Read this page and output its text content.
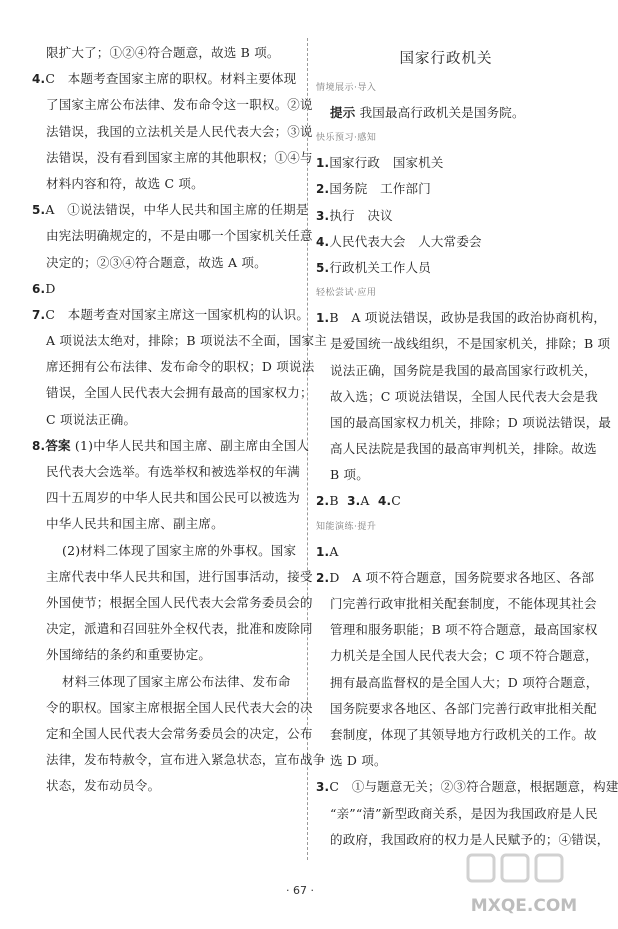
限扩大了；①②④符合题意，故选 B 项。
4.C　本题考查国家主席的职权。材料主要体现
了国家主席公布法律、发布命令这一职权。②说
法错误，我国的立法机关是人民代表大会；③说
法错误，没有看到国家主席的其他职权；①④与
材料内容和符，故选 C 项。
5.A　①说法错误，中华人民共和国主席的任期是
由宪法明确规定的，不是由哪一个国家机关任意
决定的；②③④符合题意，故选 A 项。
6.D
7.C　本题考查对国家主席这一国家机构的认识。
A 项说法太绝对，排除；B 项说法不全面，国家主
席还拥有公布法律、发布命令的职权；D 项说法
错误，全国人民代表大会拥有最高的国家权力；
C 项说法正确。
8.答案 (1)中华人民共和国主席、副主席由全国人
民代表大会选举。有选举权和被选举权的年满
四十五周岁的中华人民共和国公民可以被选为
中华人民共和国主席、副主席。
(2)材料二体现了国家主席的外事权。国家
主席代表中华人民共和国，进行国事活动，接受
外国使节；根据全国人民代表大会常务委员会的
决定，派遣和召回驻外全权代表，批准和废除同
外国缔结的条约和重要协定。
材料三体现了国家主席公布法律、发布命
令的职权。国家主席根据全国人民代表大会的决
定和全国人民代表大会常务委员会的决定，公布
法律，发布特赦令，宣布进入紧急状态，宣布战争
状态，发布动员令。
国家行政机关
情境展示·导入
提示 我国最高行政机关是国务院。
快乐预习·感知
1.国家行政　国家机关
2.国务院　工作部门
3.执行　决议
4.人民代表大会　人大常委会
5.行政机关工作人员
轻松尝试·应用
1.B　A 项说法错误，政协是我国的政治协商机构，
是爱国统一战线组织，不是国家机关，排除；B 项
说法正确，国务院是我国的最高国家行政机关，
故入选；C 项说法错误，全国人民代表大会是我
国的最高国家权力机关，排除；D 项说法错误，最
高人民法院是我国的最高审判机关，排除。故选
B 项。
2.B 3.A 4.C
知能演练·提升
1.A
2.D　A 项不符合题意，国务院要求各地区、各部
门完善行政审批相关配套制度，不能体现其社会
管理和服务职能；B 项不符合题意，最高国家权
力机关是全国人民代表大会；C 项不符合题意，
拥有最高监督权的是全国人大；D 项符合题意，
国务院要求各地区、各部门完善行政审批相关配
套制度，体现了其领导地方行政机关的工作。故
选 D 项。
3.C　①与题意无关；②③符合题意，根据题意，构建
“亲”“清”新型政商关系，是因为我国政府是人民
的政府，我国政府的权力是人民赋予的；④错误，
· 67 ·
MXQE.COM
